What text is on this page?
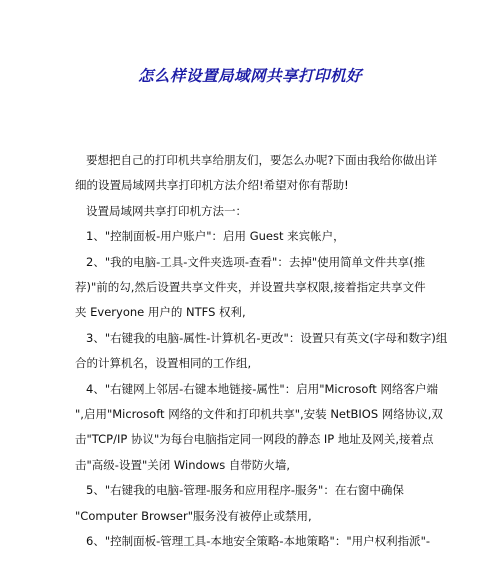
怎么样设置局域网共享打印机好

要想把自己的打印机共享给朋友们，要怎么办呢?下面由我给你做出详
细的设置局域网共享打印机方法介绍!希望对你有帮助!

设置局域网共享打印机方法一：

1、"控制面板-用户账户"：启用 Guest 来宾帐户，

2、"我的电脑-工具-文件夹选项-查看"：去掉"使用简单文件共享(推
荐)"前的勾,然后设置共享文件夹，并设置共享权限,接着指定共享文件
夹 Everyone 用户的 NTFS 权利,

3、"右键我的电脑-属性-计算机名-更改"：设置只有英文(字母和数字)组
合的计算机名，设置相同的工作组,

4、"右键网上邻居-右键本地链接-属性"：启用"Microsoft 网络客户端
",启用"Microsoft 网络的文件和打印机共享",安装 NetBIOS 网络协议,双
击"TCP/IP 协议"为每台电脑指定同一网段的静态 IP 地址及网关,接着点
击"高级-设置"关闭 Windows 自带防火墙,

5、"右键我的电脑-管理-服务和应用程序-服务"：在右窗中确保
"Computer Browser"服务没有被停止或禁用,

6、"控制面板-管理工具-本地安全策略-本地策略"："用户权利指派"-
